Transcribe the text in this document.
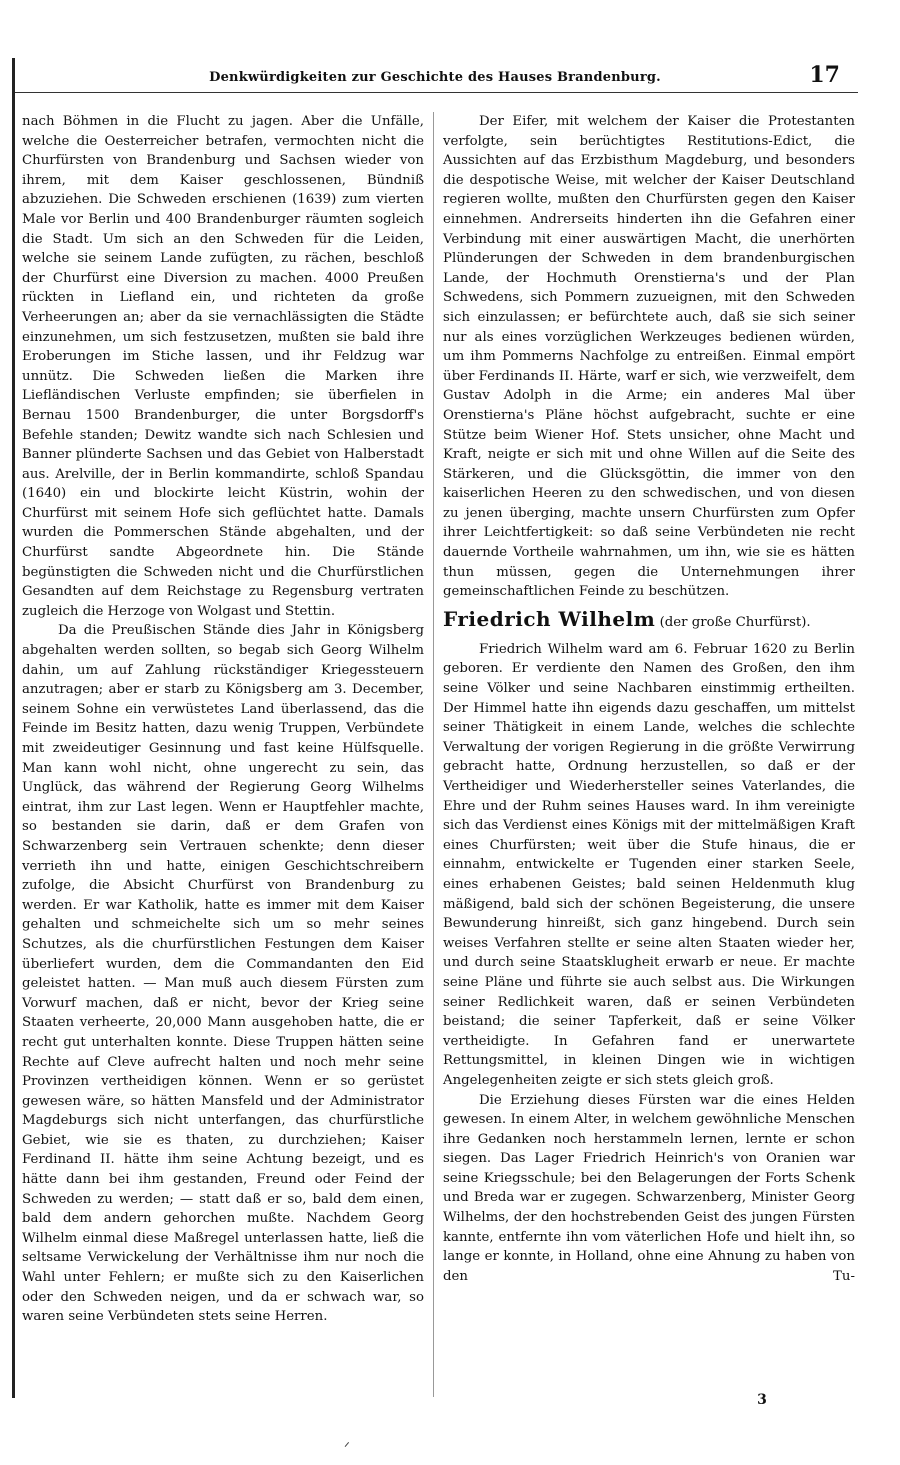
Denkwürdigkeiten zur Geschichte des Hauses Brandenburg.	17

nach Böhmen in die Flucht zu jagen. Aber die Unfälle, welche die Oesterreicher betrafen, vermochten nicht die Churfürsten von Brandenburg und Sachsen wieder von ihrem, mit dem Kaiser geschlossenen, Bündniß abzuziehen. Die Schweden erschienen (1639) zum vierten Male vor Berlin und 400 Brandenburger räumten sogleich die Stadt. Um sich an den Schweden für die Leiden, welche sie seinem Lande zufügten, zu rächen, beschloß der Churfürst eine Diversion zu machen. 4000 Preußen rückten in Liefland ein, und richteten da große Verheerungen an; aber da sie vernachlässigten die Städte einzunehmen, um sich festzusetzen, mußten sie bald ihre Eroberungen im Stiche lassen, und ihr Feldzug war unnütz. Die Schweden ließen die Marken ihre Liefländischen Verluste empfinden; sie überfielen in Bernau 1500 Brandenburger, die unter Borgsdorff's Befehle standen; Dewitz wandte sich nach Schlesien und Banner plünderte Sachsen und das Gebiet von Halberstadt aus. Arelville, der in Berlin kommandirte, schloß Spandau (1640) ein und blockirte leicht Küstrin, wohin der Churfürst mit seinem Hofe sich geflüchtet hatte. Damals wurden die Pommerschen Stände abgehalten, und der Churfürst sandte Abgeordnete hin. Die Stände begünstigten die Schweden nicht und die Churfürstlichen Gesandten auf dem Reichstage zu Regensburg vertraten zugleich die Herzoge von Wolgast und Stettin.

Da die Preußischen Stände dies Jahr in Königsberg abgehalten werden sollten, so begab sich Georg Wilhelm dahin, um auf Zahlung rückständiger Kriegessteuern anzutragen; aber er starb zu Königsberg am 3. December, seinem Sohne ein verwüstetes Land überlassend, das die Feinde im Besitz hatten, dazu wenig Truppen, Verbündete mit zweideutiger Gesinnung und fast keine Hülfsquelle. Man kann wohl nicht, ohne ungerecht zu sein, das Unglück, das während der Regierung Georg Wilhelms eintrat, ihm zur Last legen. Wenn er Hauptfehler machte, so bestanden sie darin, daß er dem Grafen von Schwarzenberg sein Vertrauen schenkte; denn dieser verrieth ihn und hatte, einigen Geschichtschreibern zufolge, die Absicht Churfürst von Brandenburg zu werden. Er war Katholik, hatte es immer mit dem Kaiser gehalten und schmeichelte sich um so mehr seines Schutzes, als die churfürstlichen Festungen dem Kaiser überliefert wurden, dem die Commandanten den Eid geleistet hatten. — Man muß auch diesem Fürsten zum Vorwurf machen, daß er nicht, bevor der Krieg seine Staaten verheerte, 20,000 Mann ausgehoben hatte, die er recht gut unterhalten konnte. Diese Truppen hätten seine Rechte auf Cleve aufrecht halten und noch mehr seine Provinzen vertheidigen können. Wenn er so gerüstet gewesen wäre, so hätten Mansfeld und der Administrator Magdeburgs sich nicht unterfangen, das churfürstliche Gebiet, wie sie es thaten, zu durchziehen; Kaiser Ferdinand II. hätte ihm seine Achtung bezeigt, und es hätte dann bei ihm gestanden, Freund oder Feind der Schweden zu werden; — statt daß er so, bald dem einen, bald dem andern gehorchen mußte. Nachdem Georg Wilhelm einmal diese Maßregel unterlassen hatte, ließ die seltsame Verwickelung der Verhältnisse ihm nur noch die Wahl unter Fehlern; er mußte sich zu den Kaiserlichen oder den Schweden neigen, und da er schwach war, so waren seine Verbündeten stets seine Herren.

Der Eifer, mit welchem der Kaiser die Protestanten verfolgte, sein berüchtigtes Restitutions-Edict, die Aussichten auf das Erzbisthum Magdeburg, und besonders die despotische Weise, mit welcher der Kaiser Deutschland regieren wollte, mußten den Churfürsten gegen den Kaiser einnehmen. Andrerseits hinderten ihn die Gefahren einer Verbindung mit einer auswärtigen Macht, die unerhörten Plünderungen der Schweden in dem brandenburgischen Lande, der Hochmuth Orenstierna's und der Plan Schwedens, sich Pommern zuzueignen, mit den Schweden sich einzulassen; er befürchtete auch, daß sie sich seiner nur als eines vorzüglichen Werkzeuges bedienen würden, um ihm Pommerns Nachfolge zu entreißen. Einmal empört über Ferdinands II. Härte, warf er sich, wie verzweifelt, dem Gustav Adolph in die Arme; ein anderes Mal über Orenstierna's Pläne höchst aufgebracht, suchte er eine Stütze beim Wiener Hof. Stets unsicher, ohne Macht und Kraft, neigte er sich mit und ohne Willen auf die Seite des Stärkeren, und die Glücksgöttin, die immer von den kaiserlichen Heeren zu den schwedischen, und von diesen zu jenen überging, machte unsern Churfürsten zum Opfer ihrer Leichtfertigkeit: so daß seine Verbündeten nie recht dauernde Vortheile wahrnahmen, um ihn, wie sie es hätten thun müssen, gegen die Unternehmungen ihrer gemeinschaftlichen Feinde zu beschützen.

Friedrich Wilhelm (der große Churfürst).

Friedrich Wilhelm ward am 6. Februar 1620 zu Berlin geboren. Er verdiente den Namen des Großen, den ihm seine Völker und seine Nachbaren einstimmig ertheilten. Der Himmel hatte ihn eigends dazu geschaffen, um mittelst seiner Thätigkeit in einem Lande, welches die schlechte Verwaltung der vorigen Regierung in die größte Verwirrung gebracht hatte, Ordnung herzustellen, so daß er der Vertheidiger und Wiederhersteller seines Vaterlandes, die Ehre und der Ruhm seines Hauses ward. In ihm vereinigte sich das Verdienst eines Königs mit der mittelmäßigen Kraft eines Churfürsten; weit über die Stufe hinaus, die er einnahm, entwickelte er Tugenden einer starken Seele, eines erhabenen Geistes; bald seinen Heldenmuth klug mäßigend, bald sich der schönen Begeisterung, die unsere Bewunderung hinreißt, sich ganz hingebend. Durch sein weises Verfahren stellte er seine alten Staaten wieder her, und durch seine Staatsklugheit erwarb er neue. Er machte seine Pläne und führte sie auch selbst aus. Die Wirkungen seiner Redlichkeit waren, daß er seinen Verbündeten beistand; die seiner Tapferkeit, daß er seine Völker vertheidigte. In Gefahren fand er unerwartete Rettungsmittel, in kleinen Dingen wie in wichtigen Angelegenheiten zeigte er sich stets gleich groß.

Die Erziehung dieses Fürsten war die eines Helden gewesen. In einem Alter, in welchem gewöhnliche Menschen ihre Gedanken noch herstammeln lernen, lernte er schon siegen. Das Lager Friedrich Heinrich's von Oranien war seine Kriegsschule; bei den Belagerungen der Forts Schenk und Breda war er zugegen. Schwarzenberg, Minister Georg Wilhelms, der den hochstrebenden Geist des jungen Fürsten kannte, entfernte ihn vom väterlichen Hofe und hielt ihn, so lange er konnte, in Holland, ohne eine Ahnung zu haben von den Tu-

3
ᐟ
